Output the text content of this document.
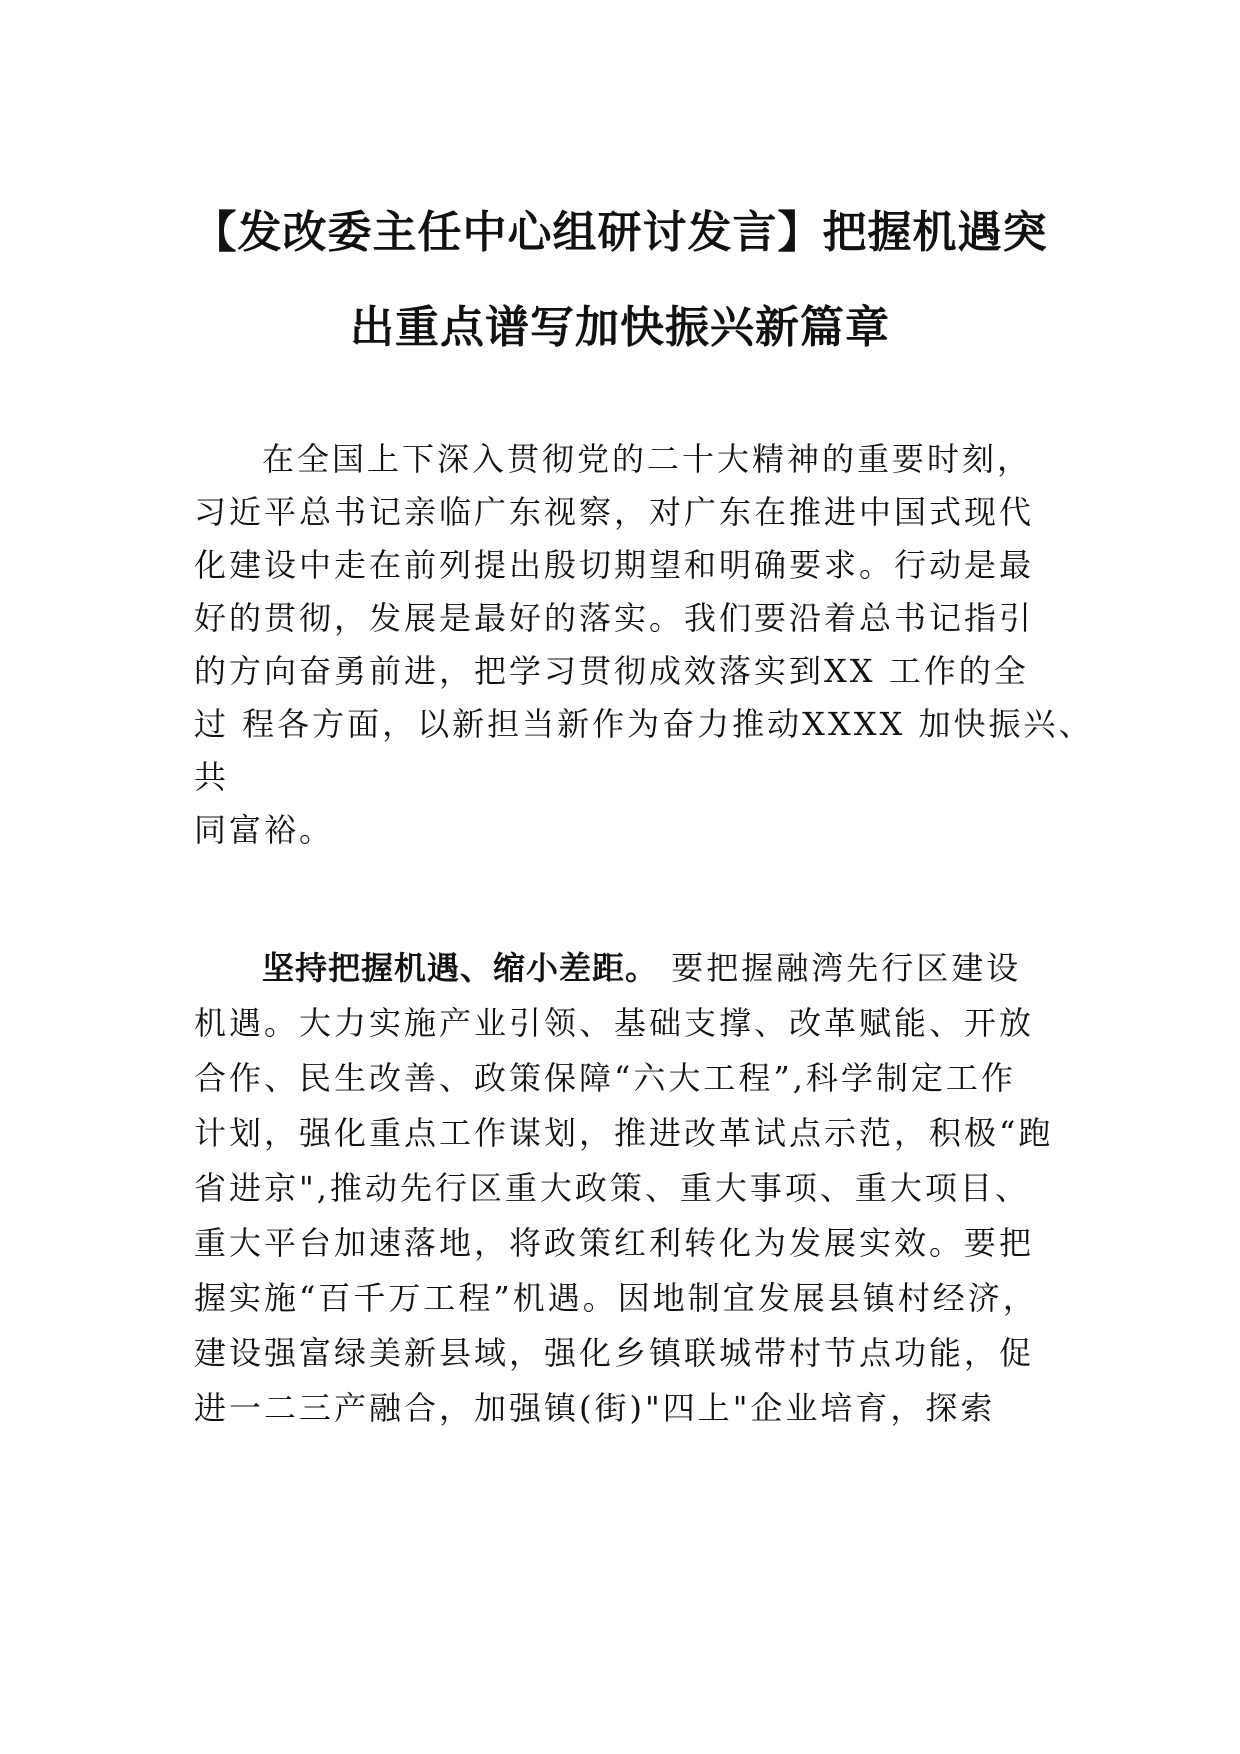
【发改委主任中心组研讨发言】把握机遇突
出重点谱写加快振兴新篇章
在全国上下深入贯彻党的二十大精神的重要时刻，
习近平总书记亲临广东视察，对广东在推进中国式现代
化建设中走在前列提出殷切期望和明确要求。行动是最
好的贯彻，发展是最好的落实。我们要沿着总书记指引
的方向奋勇前进，把学习贯彻成效落实到XX 工作的全
过 程各方面，以新担当新作为奋力推动XXXX 加快振兴、
共
同富裕。
坚持把握机遇、缩小差距。 要把握融湾先行区建设
机遇。大力实施产业引领、基础支撑、改革赋能、开放
合作、民生改善、政策保障“六大工程”,科学制定工作
计划，强化重点工作谋划，推进改革试点示范，积极“跑
省进京",推动先行区重大政策、重大事项、重大项目、
重大平台加速落地，将政策红利转化为发展实效。要把
握实施“百千万工程”机遇。因地制宜发展县镇村经济，
建设强富绿美新县域，强化乡镇联城带村节点功能，促
进一二三产融合，加强镇(街)"四上"企业培育，探索
